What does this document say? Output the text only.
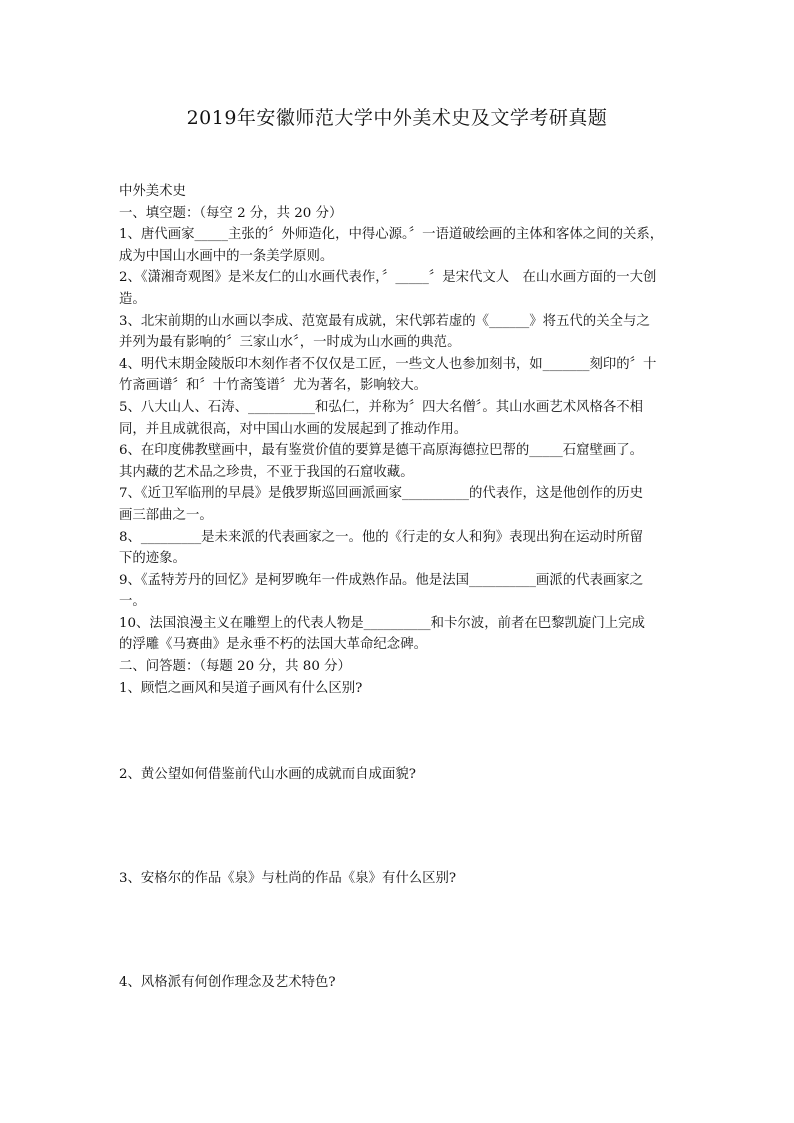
2019年安徽师范大学中外美术史及文学考研真题
中外美术史
一、填空题：（每空 2 分，共 20 分）
1、唐代画家_____主张的〞外师造化，中得心源。〞一语道破绘画的主体和客体之间的关系，
成为中国山水画中的一条美学原则。
2、《潇湘奇观图》是米友仁的山水画代表作，〞_____〞是宋代文人　在山水画方面的一大创
造。
3、北宋前期的山水画以李成、范宽最有成就，宋代郭若虚的《______》将五代的关全与之
并列为最有影响的〞三家山水〞，一时成为山水画的典范。
4、明代末期金陵版印木刻作者不仅仅是工匠，一些文人也参加刻书，如_______刻印的〞十
竹斋画谱〞和〞十竹斋笺谱〞尤为著名，影响较大。
5、八大山人、石涛、__________和弘仁，并称为〞四大名僧〞。其山水画艺术风格各不相
同，并且成就很高，对中国山水画的发展起到了推动作用。
6、在印度佛教壁画中，最有鉴赏价值的要算是德干高原海德拉巴帮的_____石窟壁画了。
其内藏的艺术品之珍贵，不亚于我国的石窟收藏。
7、《近卫军临刑的早晨》是俄罗斯巡回画派画家__________的代表作，这是他创作的历史
画三部曲之一。
8、_________是未来派的代表画家之一。他的《行走的女人和狗》表现出狗在运动时所留
下的迹象。
9、《孟特芳丹的回忆》是柯罗晚年一件成熟作品。他是法国__________画派的代表画家之
一。
10、法国浪漫主义在雕塑上的代表人物是__________和卡尔波，前者在巴黎凯旋门上完成
的浮雕《马赛曲》是永垂不朽的法国大革命纪念碑。
二、问答题：（每题 20 分，共 80 分）
1、顾恺之画风和吴道子画风有什么区别?
2、黄公望如何借鉴前代山水画的成就而自成面貌?
3、安格尔的作品《泉》与杜尚的作品《泉》有什么区别?
4、风格派有何创作理念及艺术特色?
